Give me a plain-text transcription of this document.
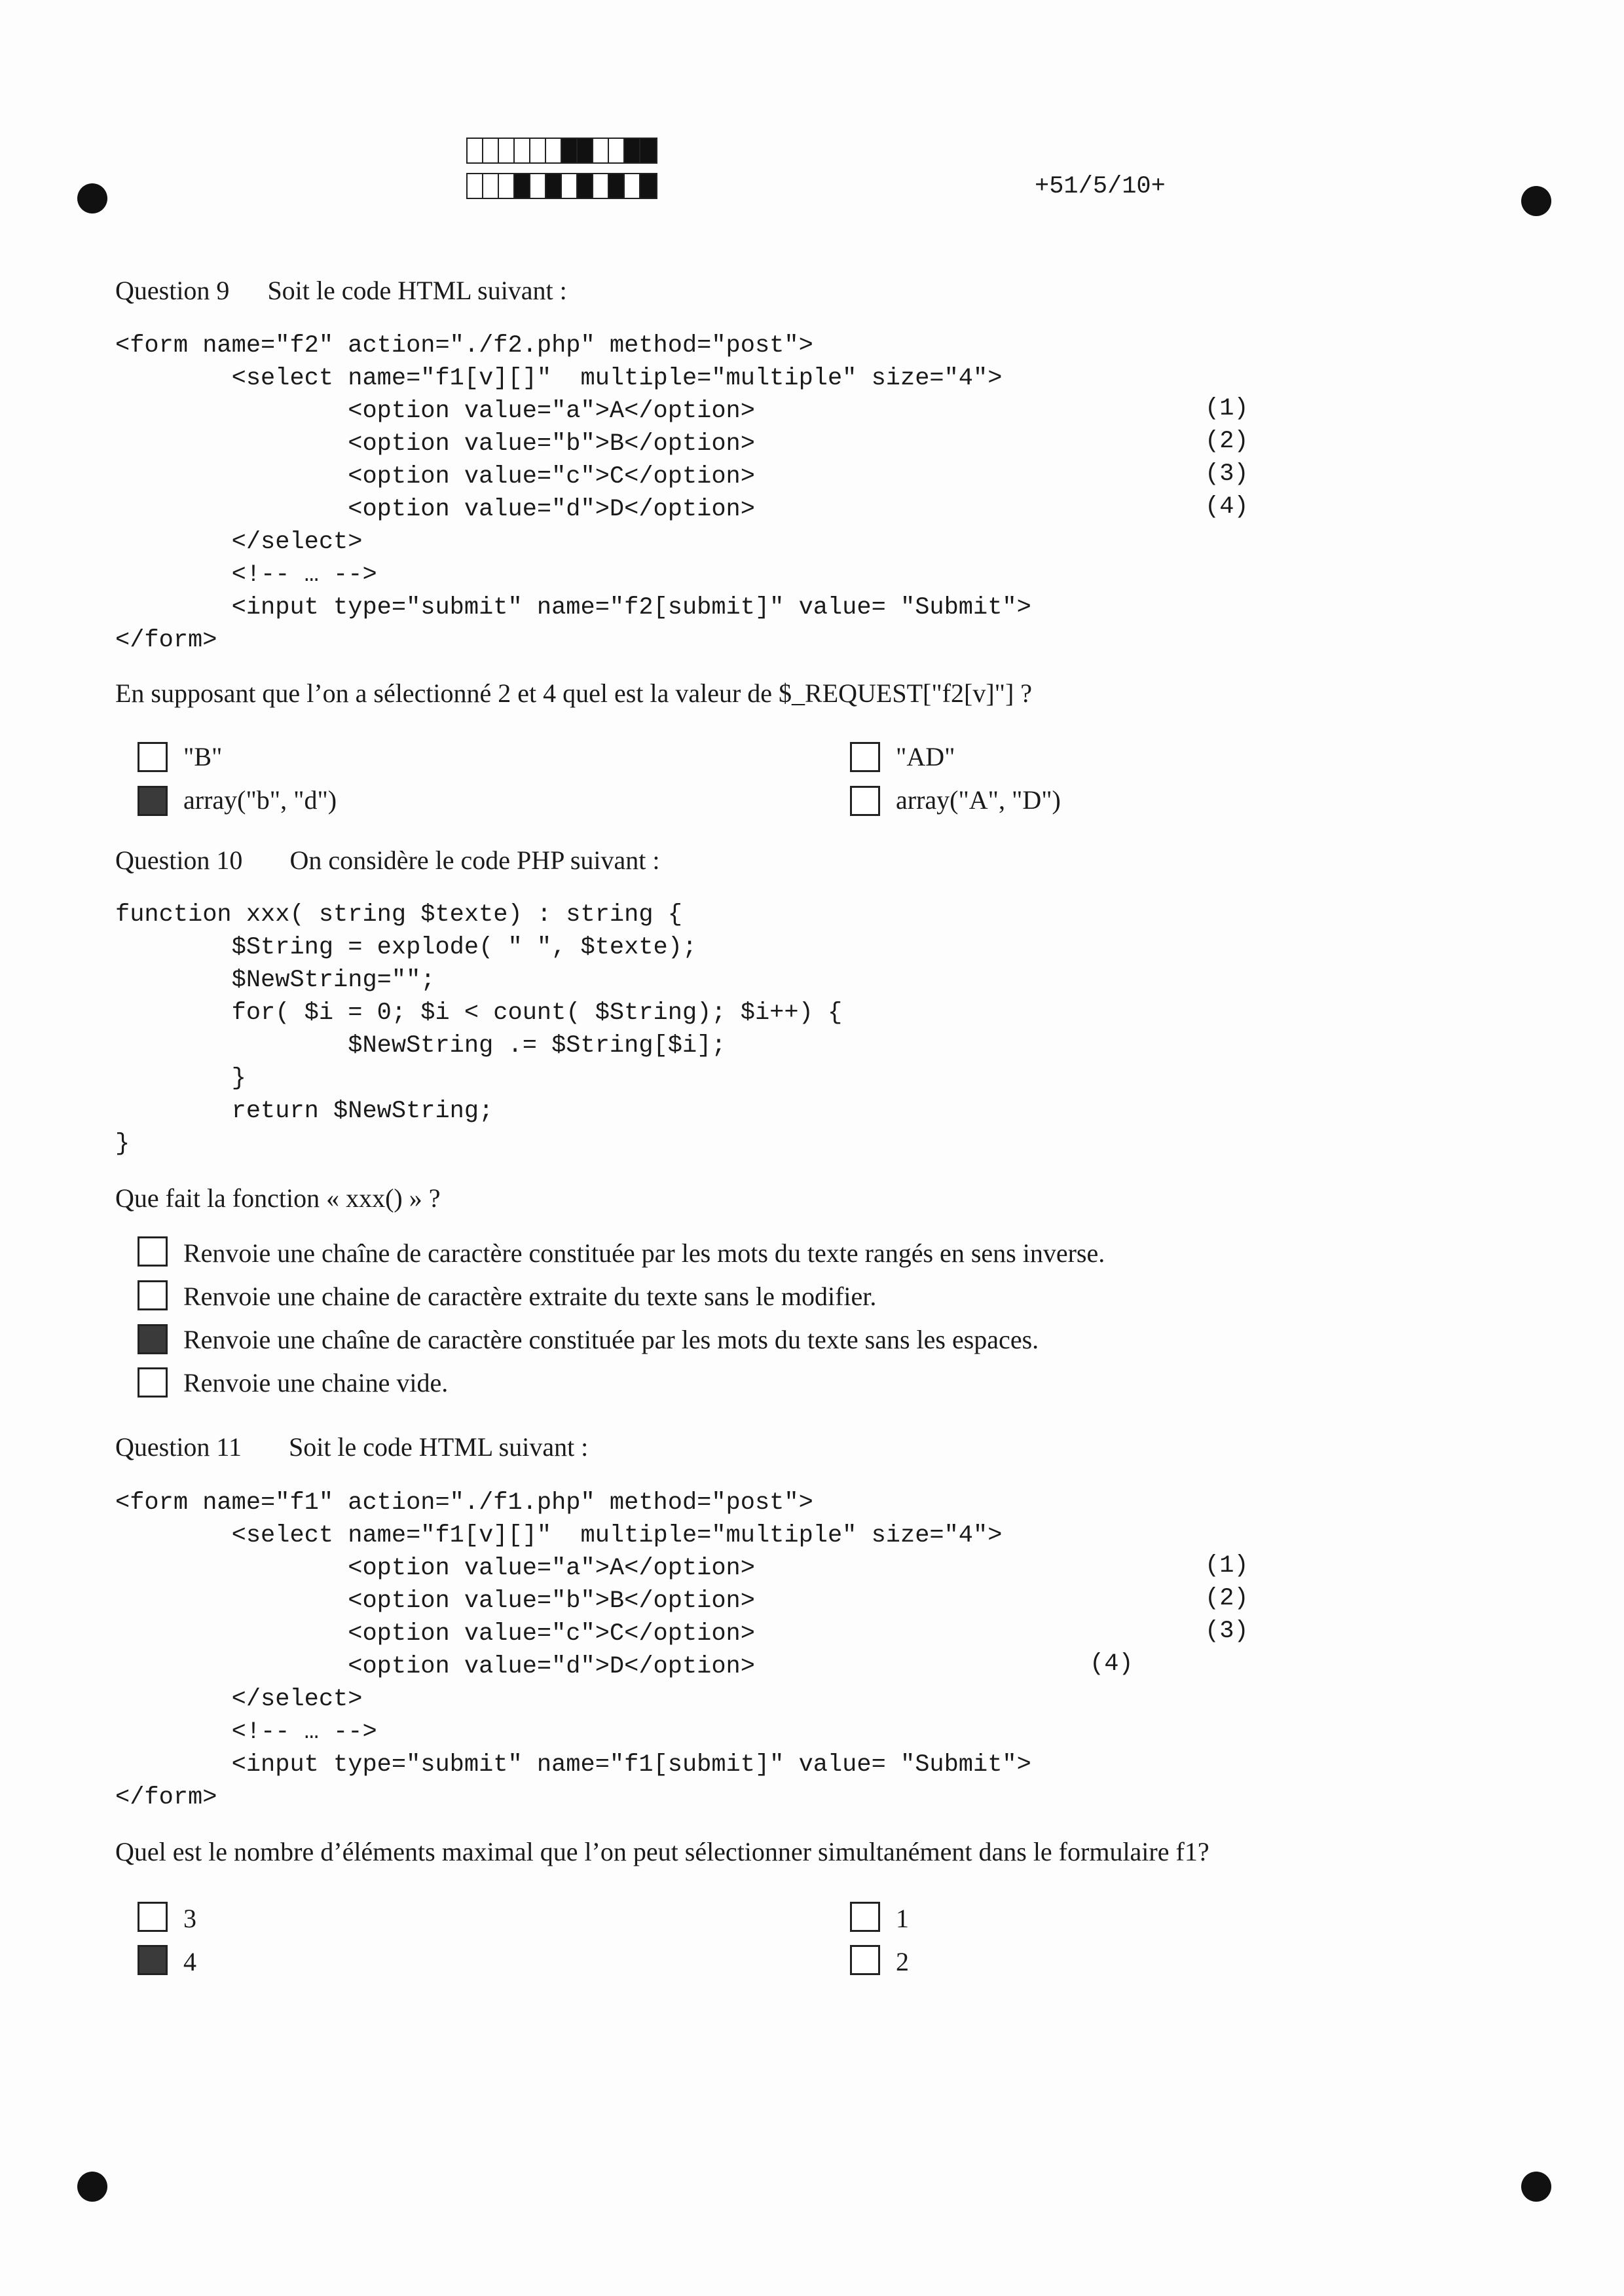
+51/5/10+
Question 9 Soit le code HTML suivant :
<form name="f2" action="./f2.php" method="post">
<select name="f1[v][]"  multiple="multiple" size="4">
<option value="a">A</option>
<option value="b">B</option>
<option value="c">C</option>
<option value="d">D</option>
</select>
<!-- … -->
<input type="submit" name="f2[submit]" value= "Submit">
</form>
(1)
(2)
(3)
(4)
En supposant que l’on a sélectionné 2 et 4 quel est la valeur de $_REQUEST["f2[v]"] ?
"B"	"AD"
array("b", "d")	array("A", "D")
Question 10 On considère le code PHP suivant :
function xxx( string $texte) : string {
$String = explode( " ", $texte);
$NewString="";
for( $i = 0; $i < count( $String); $i++) {
$NewString .= $String[$i];
}
return $NewString;
}
Que fait la fonction « xxx() » ?
Renvoie une chaîne de caractère constituée par les mots du texte rangés en sens inverse.
Renvoie une chaine de caractère extraite du texte sans le modifier.
Renvoie une chaîne de caractère constituée par les mots du texte sans les espaces.
Renvoie une chaine vide.
Question 11 Soit le code HTML suivant :
<form name="f1" action="./f1.php" method="post">
<select name="f1[v][]"  multiple="multiple" size="4">
<option value="a">A</option>
<option value="b">B</option>
<option value="c">C</option>
<option value="d">D</option>
</select>
<!-- … -->
<input type="submit" name="f1[submit]" value= "Submit">
</form>
(1)
(2)
(3)
(4)
Quel est le nombre d’éléments maximal que l’on peut sélectionner simultanément dans le formulaire f1?
3	1
4	2
